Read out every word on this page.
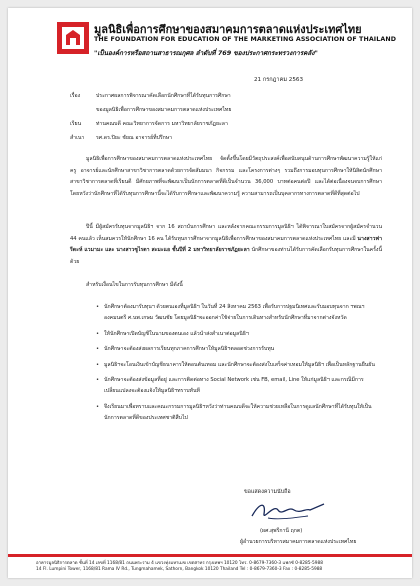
มูลนิธิเพื่อการศึกษาของสมาคมการตลาดแห่งประเทศไทย
THE FOUNDATION FOR EDUCATION OF THE MARKETING ASSOCIATION OF THAILAND
"เป็นองค์การหรือสถานสาธารณกุศล ลำดับที่ 769 ของประกาศกระทรวงการคลัง"
21 กรกฎาคม 2563
เรื่อง	ประกาศผลการพิจารณาคัดเลือกนักศึกษาที่ได้รับทุนการศึกษา
ของมูลนิธิเพื่อการศึกษาของสมาคมการตลาดแห่งประเทศไทย
เรียน	ท่านคณบดี คณะวิทยาการจัดการ มหาวิทยาลัยราชภัฏยะลา
สำเนา รศ.ดร.ปิยะ ชัยณ อาจารย์ที่ปรึกษา
มูลนิธิเพื่อการศึกษาของสมาคมการตลาดแห่งประเทศไทย จัดตั้งขึ้นโดยมีวัตถุประสงค์เพื่อสนับสนุนด้านการศึกษาพัฒนาความรู้ให้แก่ครู อาจารย์และนักศึกษาสาขาวิชาการตลาดด้วยการจัดสัมมนา กิจกรรม และโครงการต่างๆ รวมถึงการมอบทุนการศึกษาให้นิสิตนักศึกษาสาขาวิชาการตลาดที่เรียนดี มีศักยภาพที่จะพัฒนาเป็นนักการตลาดที่ดีเป็นจำนวน 36,000 บาทต่อคนต่อปี และได้ต่อเนื่องจนจบการศึกษา โดยหวังว่านักศึกษาที่ได้รับทุนการศึกษานี้จะได้รับการศึกษาและพัฒนาความรู้ ความสามารถเป็นบุคลากรทางการตลาดที่ดีที่สุดต่อไป
ปีนี้ มีผู้สมัครรับทุนจากมูลนิธิฯ จาก 16 สถาบันการศึกษา และหลังจากคณะกรรมการมูลนิธิฯ ได้พิจารณาใบสมัครจากผู้สมัครจำนวน 44 คนแล้ว เห็นสมควรให้นักศึกษา 16 คน ได้รับทุนการศึกษาจากมูลนิธิเพื่อการศึกษาของสมาคมการตลาดแห่งประเทศไทย และมี นางสาวฟารีดะห์ แวมามะ และ นางสาวซูไรดา สะมะแอ ชั้นปีที่ 2 มหาวิทยาลัยราชภัฏยะลา นักศึกษาของท่านได้รับการคัดเลือกรับทุนการศึกษาในครั้งนี้ด้วย
สำหรับเงื่อนไขในการรับทุนการศึกษา มีดังนี้
• นักศึกษาต้องมารับทุนฯ ด้วยตนเองที่มูลนิธิฯ ในวันที่ 24 สิงหาคม 2563 เพื่อรับการปฐมนิเทศและรับมอบทุนจาก ฯพณฯ องคมนตรี ศ.นพ.เกษม วัฒนชัย โดยมูลนิธิฯจะออกค่าใช้จ่ายในการเดินทางสำหรับนักศึกษาที่มาจากต่างจังหวัด
• ให้นักศึกษาเปิดบัญชีในนามของตนเอง แล้วนำส่งสำเนาต่อมูลนิธิฯ
• นักศึกษาจะต้องส่งผลการเรียนทุกภาคการศึกษาให้มูลนิธิฯตลอดช่วงการรับทุน
• มูลนิธิฯจะโอนเงินเข้าบัญชีธนาคารให้ตอนต้นเทอม และนักศึกษาจะต้องส่งใบเสร็จค่าเทอมให้มูลนิธิฯ เพื่อเป็นหลักฐานยืนยัน
• นักศึกษาจะต้องส่งข้อมูลที่อยู่ และการติดต่อทาง Social Network เช่น FB, email, Line ให้แก่มูลนิธิฯ และกรณีมีการเปลี่ยนแปลงจะต้องแจ้งให้มูลนิธิฯทราบทันที
• จึงเรียนมาเพื่อทราบและคณะกรรมการมูลนิธิฯหวังว่าท่านคณบดีจะให้ความช่วยเหลือในการดูแลนักศึกษาที่ได้รับทุนให้เป็นนักการตลาดที่ดีของประเทศชาติสืบไป
ขอแสดงความนับถือ
(ผศ.สุพรีกานี ฤกต)
ผู้อำนวยการบริหารสมาคมการตลาดแห่งประเทศไทย
อาคารมูลนิธิการตลาด ชั้นที่ 14 เลขที่ 1168/81 ถนนพระราม 4 แขวงทุ่งมหาเมฆ เขตสาทร กรุงเทพฯ 10120 โทร. 0-8679-7360-3 แฟกซ์ 0-8285-5988
14 Fl. Lumpini Tower, 1168/81 Rama IV Rd., Tungmahamek, Sathorn, Bangkok 10120 Thailand Tel : 0-8679-7360-3 Fax : 0-8285-5988
